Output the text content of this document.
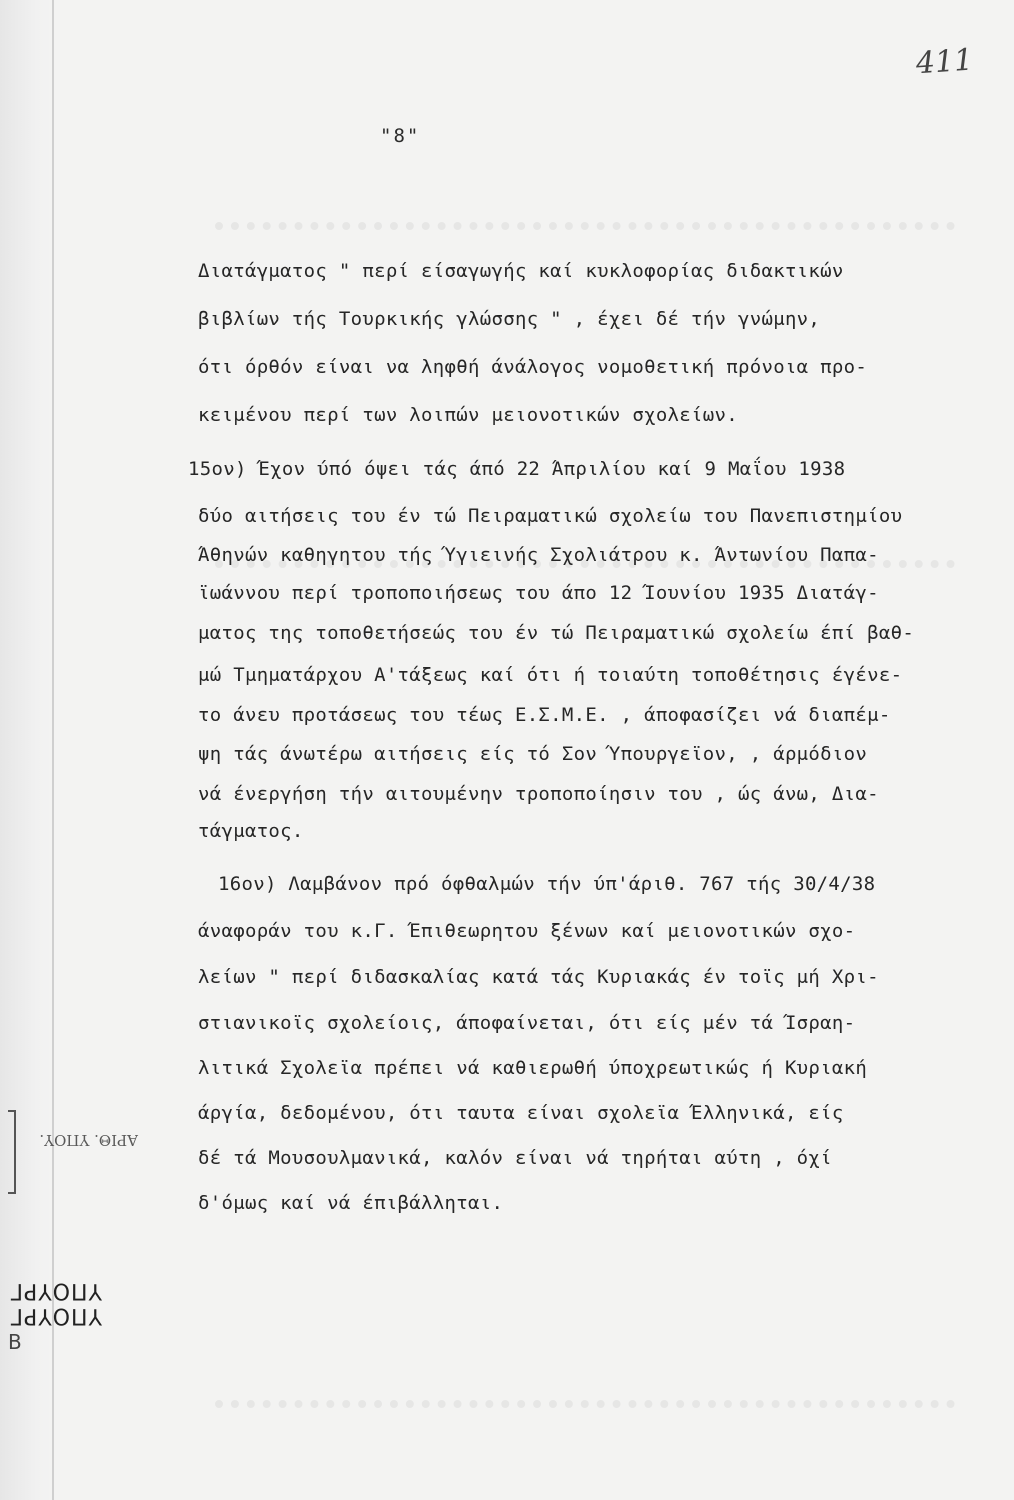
ΑΡΙΘ. ΥΠΟΥ.
ΥΠΟΥΡΓ ΥΠΟΥΡΓ
Β
411
"8"
Διατάγματος " περί είσαγωγής καί κυκλοφορίας διδακτικών
βιβλίων τής Τουρκικής γλώσσης " , έχει δέ τήν γνώμην,
ότι όρθόν είναι να ληφθή άνάλογος νομοθετική πρόνοια προ-
κειμένου περί των λοιπών μειονοτικών σχολείων.
15ον) Έχον ύπό όψει τάς άπό 22 Άπριλίου καί 9 Μαΐου 1938
δύο αιτήσεις του έν τώ Πειραματικώ σχολείω του Πανεπιστημίου
Άθηνών καθηγητου τής Ύγιεινής Σχολιάτρου κ. Άντωνίου Παπα-
ϊωάννου περί τροποποιήσεως του άπο 12 Ίουνίου 1935 Διατάγ-
ματος της τοποθετήσεώς του έν τώ Πειραματικώ σχολείω έπί βαθ-
μώ Τμηματάρχου Α'τάξεως καί ότι ή τοιαύτη τοποθέτησις έγένε-
το άνευ προτάσεως του τέως Ε.Σ.Μ.Ε. , άποφασίζει νά διαπέμ-
ψη τάς άνωτέρω αιτήσεις είς τό Σον Ύπουργεϊον, , άρμόδιον
νά ένεργήση τήν αιτουμένην τροποποίησιν του , ώς άνω, Δια-
τάγματος.
16ον) Λαμβάνον πρό όφθαλμών τήν ύπ'άριθ. 767 τής 30/4/38
άναφοράν του κ.Γ. Έπιθεωρητου ξένων καί μειονοτικών σχο-
λείων " περί διδασκαλίας κατά τάς Κυριακάς έν τοϊς μή Χρι-
στιανικοϊς σχολείοις, άποφαίνεται, ότι είς μέν τά Ίσραη-
λιτικά Σχολεϊα πρέπει νά καθιερωθή ύποχρεωτικώς ή Κυριακή
άργία, δεδομένου, ότι ταυτα είναι σχολεϊα Έλληνικά, είς
δέ τά Μουσουλμανικά, καλόν είναι νά τηρήται αύτη , όχί
δ'όμως καί νά έπιβάλληται.
